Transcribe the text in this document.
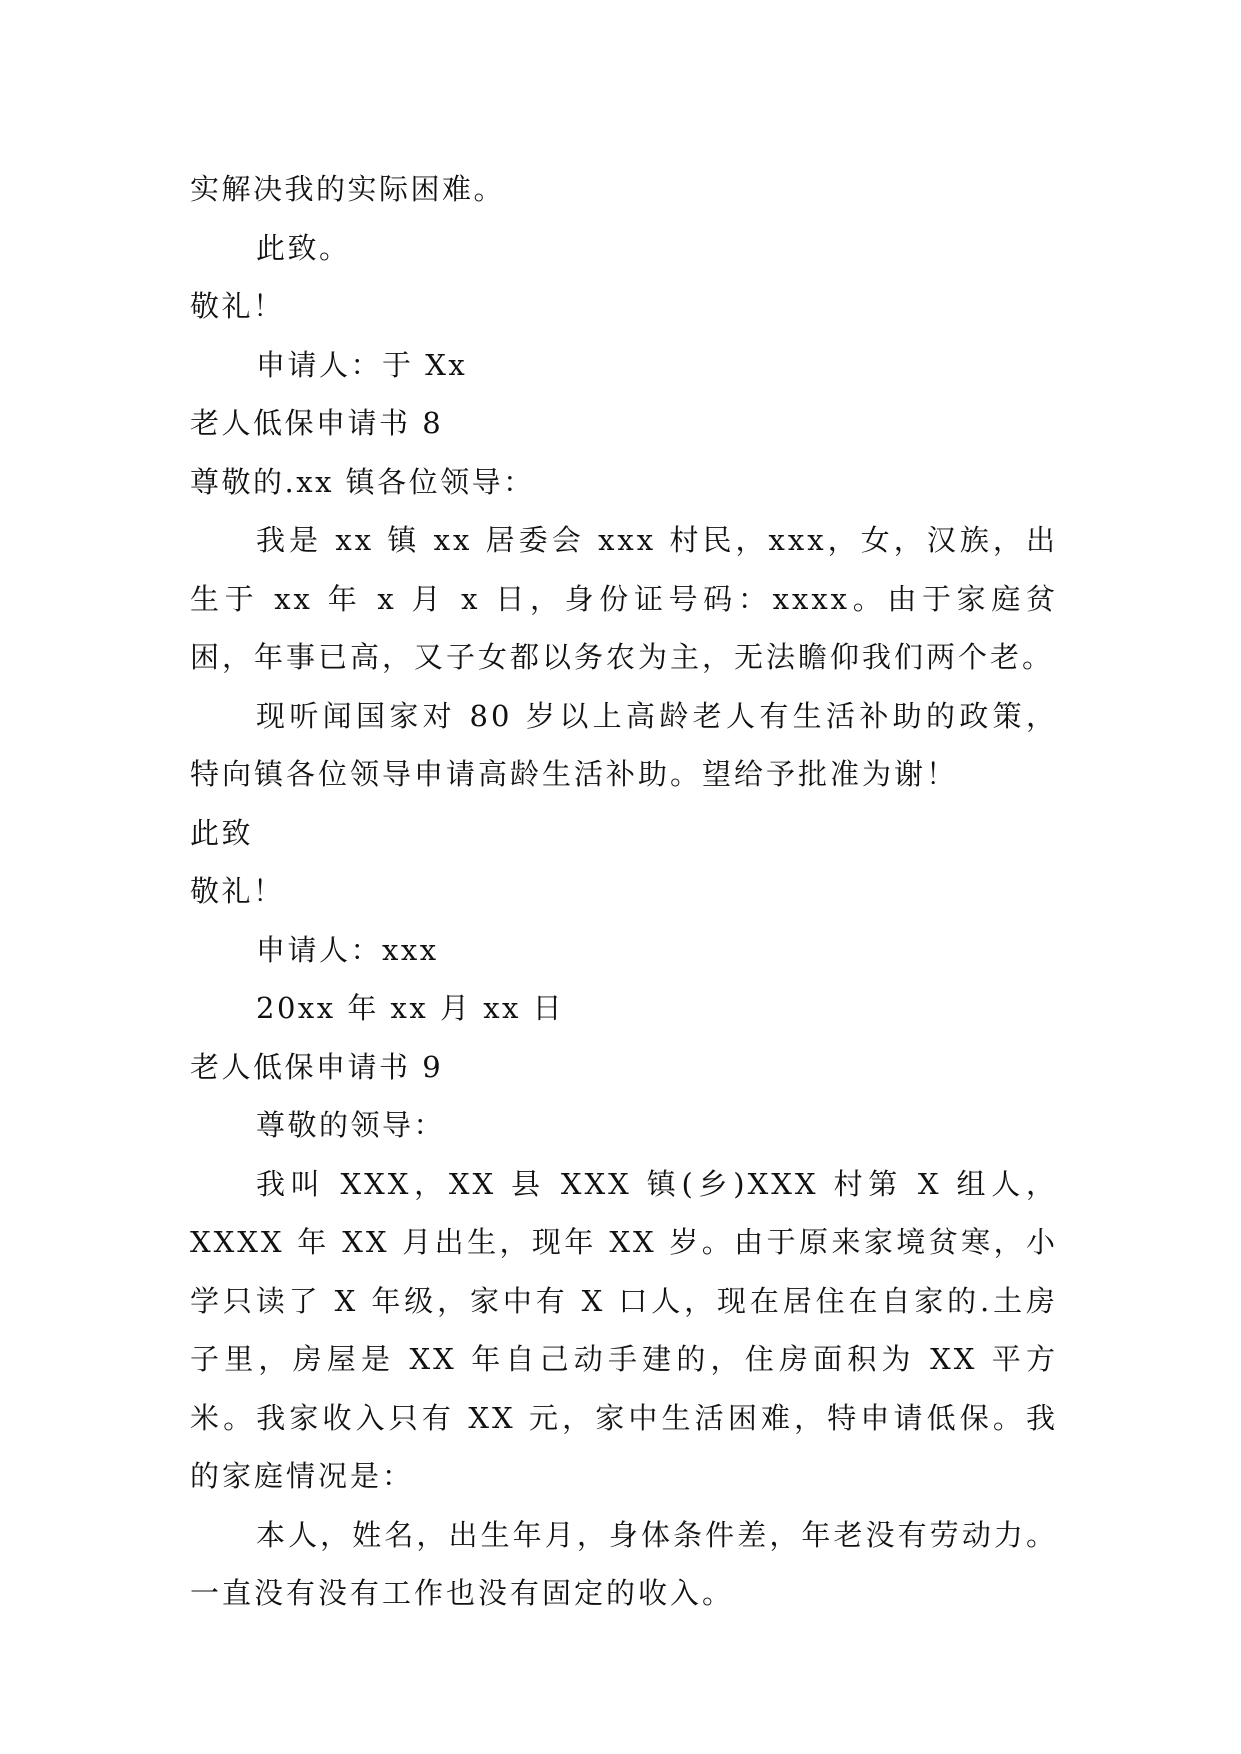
实解决我的实际困难。
此致。
敬礼！
申请人：于 Xx
老人低保申请书 8
尊敬的.xx 镇各位领导：

我是 xx 镇 xx 居委会 xxx 村民，xxx，女，汉族，出生于 xx 年 x 月 x 日，身份证号码：xxxx。由于家庭贫困，年事已高，又子女都以务农为主，无法瞻仰我们两个老。

现听闻国家对 80 岁以上高龄老人有生活补助的政策，特向镇各位领导申请高龄生活补助。望给予批准为谢！

此致
敬礼！
申请人：xxx
20xx 年 xx 月 xx 日
老人低保申请书 9
尊敬的领导：

我叫 XXX，XX 县 XXX 镇(乡)XXX 村第 X 组人，XXXX 年 XX 月出生，现年 XX 岁。由于原来家境贫寒，小学只读了 X 年级，家中有 X 口人，现在居住在自家的.土房子里，房屋是 XX 年自己动手建的，住房面积为 XX 平方米。我家收入只有 XX 元，家中生活困难，特申请低保。我的家庭情况是：

本人，姓名，出生年月，身体条件差，年老没有劳动力。一直没有没有工作也没有固定的收入。
